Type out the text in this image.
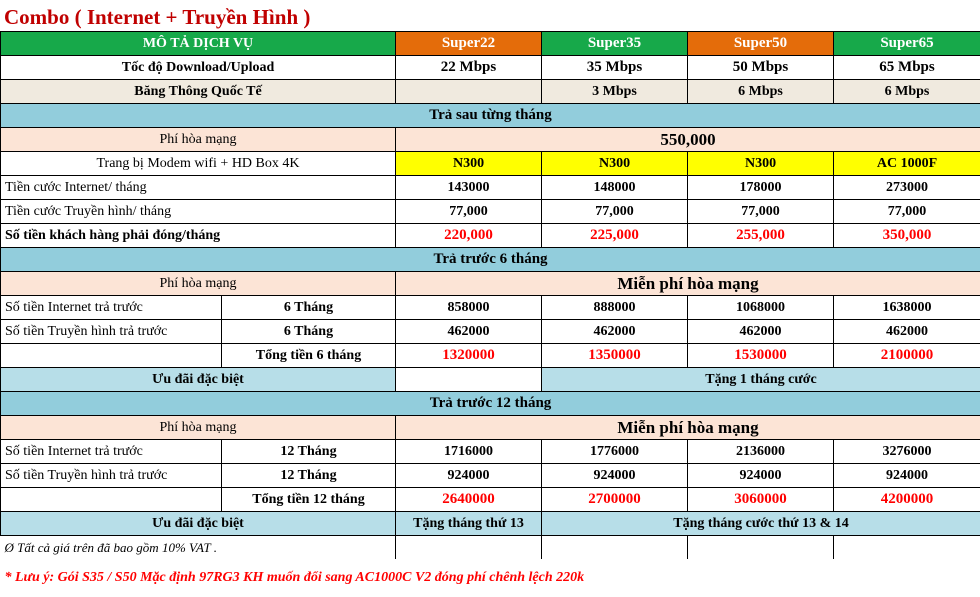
Combo ( Internet + Truyền Hình )
MÔ TẢ DỊCH VỤ		Super22	Super35	Super50	Super65
Tốc độ Download/Upload		22 Mbps	35 Mbps	50 Mbps	65 Mbps
Băng Thông Quốc Tế			3 Mbps	6 Mbps	6 Mbps
Trả sau từng tháng					
Phí hòa mạng		550,000			
Trang bị Modem wifi + HD Box 4K		N300	N300	N300	AC 1000F
Tiền cước Internet/ tháng		143000	148000	178000	273000
Tiền cước Truyền hình/ tháng		77,000	77,000	77,000	77,000
Số tiền khách hàng phải đóng/tháng		220,000	225,000	255,000	350,000
Trả trước 6 tháng					
Phí hòa mạng		Miễn phí hòa mạng			
Số tiền Internet trả trước	6 Tháng	858000	888000	1068000	1638000
Số tiền Truyền hình trả trước	6 Tháng	462000	462000	462000	462000
	Tổng tiền 6 tháng	1320000	1350000	1530000	2100000
Ưu đãi đặc biệt			Tặng 1 tháng cước		
Trả trước 12 tháng					
Phí hòa mạng		Miễn phí hòa mạng			
Số tiền Internet trả trước	12 Tháng	1716000	1776000	2136000	3276000
Số tiền Truyền hình trả trước	12 Tháng	924000	924000	924000	924000
	Tổng tiền 12 tháng	2640000	2700000	3060000	4200000
Ưu đãi đặc biệt		Tặng tháng thứ 13	Tặng tháng cước thứ 13 & 14		
Ø Tất cả giá trên đã bao gồm 10% VAT .					
* Lưu ý: Gói S35 / S50 Mặc định 97RG3 KH muốn đổi sang AC1000C V2 đóng phí chênh lệch 220k					
